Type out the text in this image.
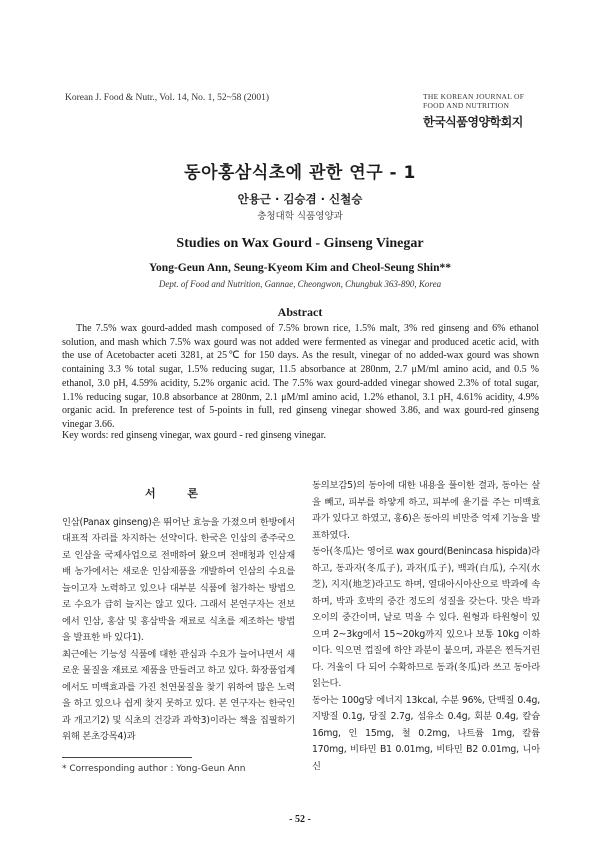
Korean J. Food & Nutr., Vol. 14, No. 1, 52~58 (2001)	THE KOREAN JOURNAL OF
FOOD AND NUTRITION
한국식품영양학회지
동아홍삼식초에 관한 연구 - 1
안용근 · 김승겸 · 신철승
충청대학 식품영양과
Studies on Wax Gourd - Ginseng Vinegar
Yong-Geun Ann, Seung-Kyeom Kim and Cheol-Seung Shin**
Dept. of Food and Nutrition, Gannae, Cheongwon, Chungbuk 363-890, Korea
Abstract

The 7.5% wax gourd-added mash composed of 7.5% brown rice, 1.5% malt, 3% red ginseng and 6% ethanol solution, and mash which 7.5% wax gourd was not added were fermented as vinegar and produced acetic acid, with the use of Acetobacter aceti 3281, at 25℃ for 150 days. As the result, vinegar of no added-wax gourd was shown containing 3.3 % total sugar, 1.5% reducing sugar, 11.5 absorbance at 280nm, 2.7 μM/ml amino acid, and 0.5 % ethanol, 3.0 pH, 4.59% acidity, 5.2% organic acid. The 7.5% wax gourd-added vinegar showed 2.3% of total sugar, 1.1% reducing sugar, 10.8 absorbance at 280nm, 2.1 μM/ml amino acid, 1.2% ethanol, 3.1 pH, 4.61% acidity, 4.9% organic acid. In preference test of 5-points in full, red ginseng vinegar showed 3.86, and wax gourd-red ginseng vinegar 3.66.

Key words: red ginseng vinegar, wax gourd - red ginseng vinegar.

서 론

인삼(Panax ginseng)은 뛰어난 효능을 가졌으며 한방에서 대표적 자리를 차지하는 선약이다. 한국은 인삼의 종주국으로 인삼을 국제사업으로 전매하여 왔으며 전매청과 인삼재배 농가에서는 새로운 인삼제품을 개발하여 인삼의 수요를 늘이고자 노력하고 있으나 대부분 식품에 첨가하는 방법으로 수요가 급히 늘지는 않고 있다. 그래서 본연구자는 전보에서 인삼, 홍삼 및 홍삼박을 재료로 식초를 제조하는 방법을 발표한 바 있다1).

최근에는 기능성 식품에 대한 관심과 수요가 늘어나면서 새로운 물질을 재료로 제품을 만들려고 하고 있다. 화장품업계에서도 미백효과를 가진 천연물질을 찾기 위하여 많은 노력을 하고 있으나 쉽게 찾지 못하고 있다. 본 연구자는 한국인과 개고기2) 및 식초의 건강과 과학3)이라는 책을 집필하기 위해 본초강목4)과

동의보감5)의 동아에 대한 내용을 풀이한 결과, 동아는 살을 빼고, 피부를 하얗게 하고, 피부에 윤기를 주는 미백효과가 있다고 하였고, 홍6)은 동아의 비만증 억제 기능을 발표하였다.

동아(冬瓜)는 영어로 wax gourd(Benincasa hispida)라 하고, 동과자(冬瓜子), 과자(瓜子), 백과(白瓜), 수지(水芝), 지지(地芝)라고도 하며, 열대아시아산으로 박과에 속하며, 박과 호박의 중간 정도의 성질을 갖는다. 맛은 박과 오이의 중간이며, 날로 먹을 수 있다. 원형과 타원형이 있으며 2~3kg에서 15~20kg까지 있으나 보통 10kg 이하이다. 익으면 껍질에 하얀 과분이 붙으며, 과분은 찐득거린다. 겨울이 다 되어 수확하므로 동과(冬瓜)라 쓰고 동아라 읽는다.

동아는 100g당 에너지 13kcal, 수분 96%, 단백질 0.4g, 지방질 0.1g, 당질 2.7g, 섬유소 0.4g, 회분 0.4g, 칼슘 16mg, 인 15mg, 철 0.2mg, 나트륨 1mg, 칼륨 170mg, 비타민 B1 0.01mg, 비타민 B2 0.01mg, 니아신

* Corresponding author : Yong-Geun Ann
- 52 -
